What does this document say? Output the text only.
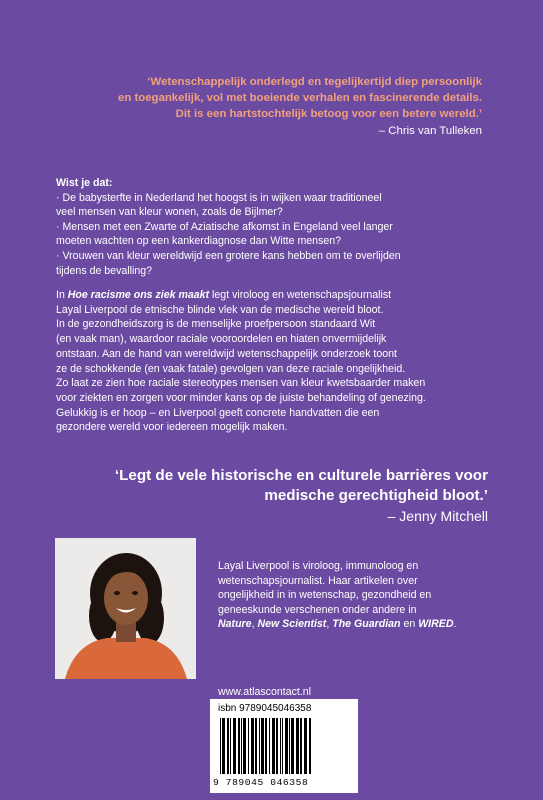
‘Wetenschappelijk onderlegd en tegelijkertijd diep persoonlijk
en toegankelijk, vol met boeiende verhalen en fascinerende details.
Dit is een hartstochtelijk betoog voor een betere wereld.’
– Chris van Tulleken
Wist je dat:
· De babysterfte in Nederland het hoogst is in wijken waar traditioneel
veel mensen van kleur wonen, zoals de Bijlmer?
· Mensen met een Zwarte of Aziatische afkomst in Engeland veel langer
moeten wachten op een kankerdiagnose dan Witte mensen?
· Vrouwen van kleur wereldwijd een grotere kans hebben om te overlijden
tijdens de bevalling?
In Hoe racisme ons ziek maakt legt viroloog en wetenschapsjournalist
Layal Liverpool de etnische blinde vlek van de medische wereld bloot.
In de gezondheidszorg is de menselijke proefpersoon standaard Wit
(en vaak man), waardoor raciale vooroordelen en hiaten onvermijdelijk
ontstaan. Aan de hand van wereldwijd wetenschappelijk onderzoek toont
ze de schokkende (en vaak fatale) gevolgen van deze raciale ongelijkheid.
Zo laat ze zien hoe raciale stereotypes mensen van kleur kwetsbaarder maken
voor ziekten en zorgen voor minder kans op de juiste behandeling of genezing.
Gelukkig is er hoop – en Liverpool geeft concrete handvatten die een
gezondere wereld voor iedereen mogelijk maken.
‘Legt de vele historische en culturele barrières voor
medische gerechtigheid bloot.’
– Jenny Mitchell
Layal Liverpool is viroloog, immunoloog en
wetenschapsjournalist. Haar artikelen over
ongelijkheid in in wetenschap, gezondheid en
geneeskunde verschenen onder andere in
Nature, New Scientist, The Guardian en WIRED.
www.atlascontact.nl
isbn 9789045046358
9 789045 046358
